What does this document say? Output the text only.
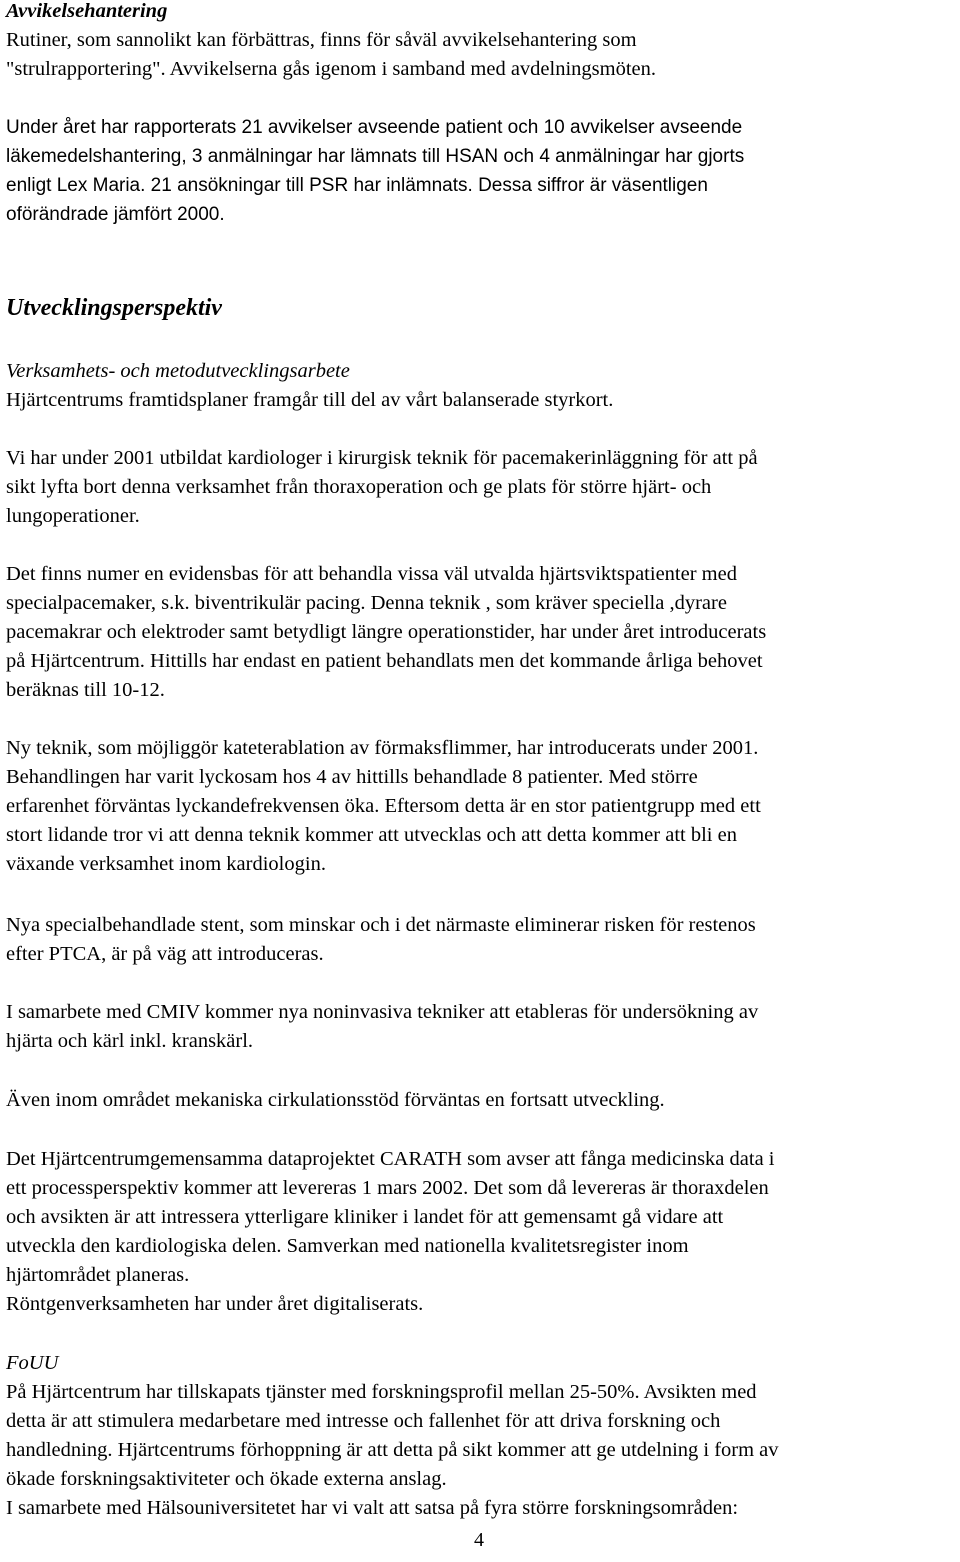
Avvikelsehantering
Rutiner, som sannolikt kan förbättras, finns för såväl avvikelsehantering som
"strulrapportering". Avvikelserna gås igenom i samband med avdelningsmöten.
Under året har rapporterats 21 avvikelser avseende patient och 10 avvikelser avseende
läkemedelshantering, 3 anmälningar har lämnats till HSAN och 4 anmälningar har gjorts
enligt Lex Maria. 21 ansökningar till PSR har inlämnats. Dessa siffror är väsentligen
oförändrade jämfört 2000.
Utvecklingsperspektiv
Verksamhets- och metodutvecklingsarbete
Hjärtcentrums framtidsplaner framgår till del av vårt balanserade styrkort.
Vi har under 2001 utbildat kardiologer i kirurgisk teknik för pacemakerinläggning för att på
sikt lyfta bort denna verksamhet från thoraxoperation och ge plats för större hjärt- och
lungoperationer.
Det finns numer en evidensbas för att behandla vissa väl utvalda hjärtsviktspatienter med
specialpacemaker, s.k. biventrikulär pacing. Denna teknik , som kräver speciella ,dyrare
pacemakrar och elektroder samt betydligt längre operationstider, har under året introducerats
på Hjärtcentrum. Hittills har endast en patient behandlats men det kommande årliga behovet
beräknas till 10-12.
Ny teknik, som möjliggör kateterablation av förmaksflimmer, har introducerats under 2001.
Behandlingen har varit lyckosam hos 4 av hittills behandlade 8 patienter. Med större
erfarenhet förväntas lyckandefrekvensen öka. Eftersom detta är en stor patientgrupp med ett
stort lidande tror vi att denna teknik kommer att utvecklas och att detta kommer att bli en
växande verksamhet inom kardiologin.
Nya specialbehandlade stent, som minskar och i det närmaste eliminerar risken för restenos
efter PTCA, är på väg att introduceras.
I samarbete med CMIV kommer nya noninvasiva tekniker att etableras för undersökning av
hjärta och kärl inkl. kranskärl.
Även inom området mekaniska cirkulationsstöd förväntas en fortsatt utveckling.
Det Hjärtcentrumgemensamma dataprojektet CARATH som avser att fånga medicinska data i
ett processperspektiv kommer att levereras 1 mars 2002. Det som då levereras är thoraxdelen
och avsikten är att intressera ytterligare kliniker i landet för att gemensamt gå vidare att
utveckla den kardiologiska delen. Samverkan med nationella kvalitetsregister inom
hjärtområdet planeras.
Röntgenverksamheten har under året digitaliserats.
FoUU
På Hjärtcentrum har tillskapats tjänster med forskningsprofil mellan 25-50%. Avsikten med
detta är att stimulera medarbetare med intresse och fallenhet för att driva forskning och
handledning. Hjärtcentrums förhoppning är att detta på sikt kommer att ge utdelning i form av
ökade forskningsaktiviteter och ökade externa anslag.
I samarbete med Hälsouniversitetet har vi valt att satsa på fyra större forskningsområden:
4
